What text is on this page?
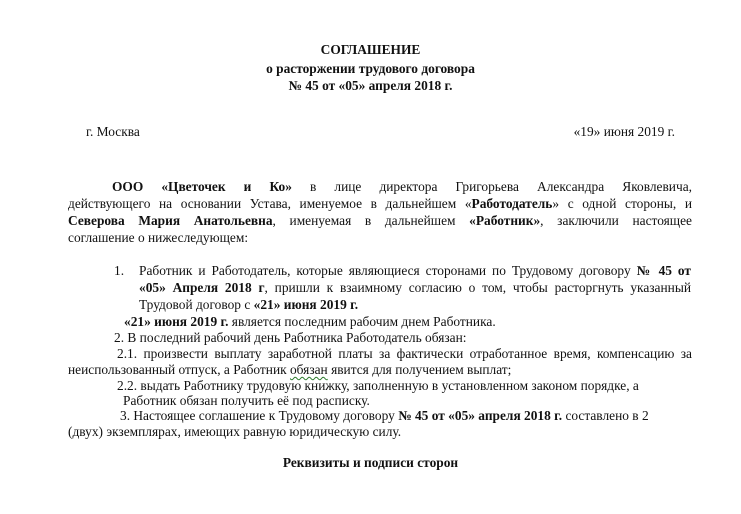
СОГЛАШЕНИЕ
о расторжении трудового договора
№ 45 от «05» апреля 2018 г.
г. Москва	«19» июня 2019 г.
ООО «Цветочек и Ко» в лице директора Григорьева Александра Яковлевича,
действующего на основании Устава, именуемое в дальнейшем «Работодатель» с одной стороны, и
Северова Мария Анатольевна, именуемая в дальнейшем «Работник», заключили настоящее
соглашение о нижеследующем:
1. Работник и Работодатель, которые являющиеся сторонами по Трудовому договору № 45 от
«05» Апреля 2018 г, пришли к взаимному согласию о том, чтобы расторгнуть указанный
Трудовой договор с «21» июня 2019 г.
«21» июня 2019 г. является последним рабочим днем Работника.
2. В последний рабочий день Работника Работодатель обязан:
2.1. произвести выплату заработной платы за фактически отработанное время, компенсацию за
неиспользованный отпуск, а Работник обязан явится для получением выплат;
2.2. выдать Работнику трудовую книжку, заполненную в установленном законом порядке, а
Работник обязан получить её под расписку.
3. Настоящее соглашение к Трудовому договору № 45 от «05» апреля 2018 г. составлено в 2
(двух) экземплярах, имеющих равную юридическую силу.
Реквизиты и подписи сторон
